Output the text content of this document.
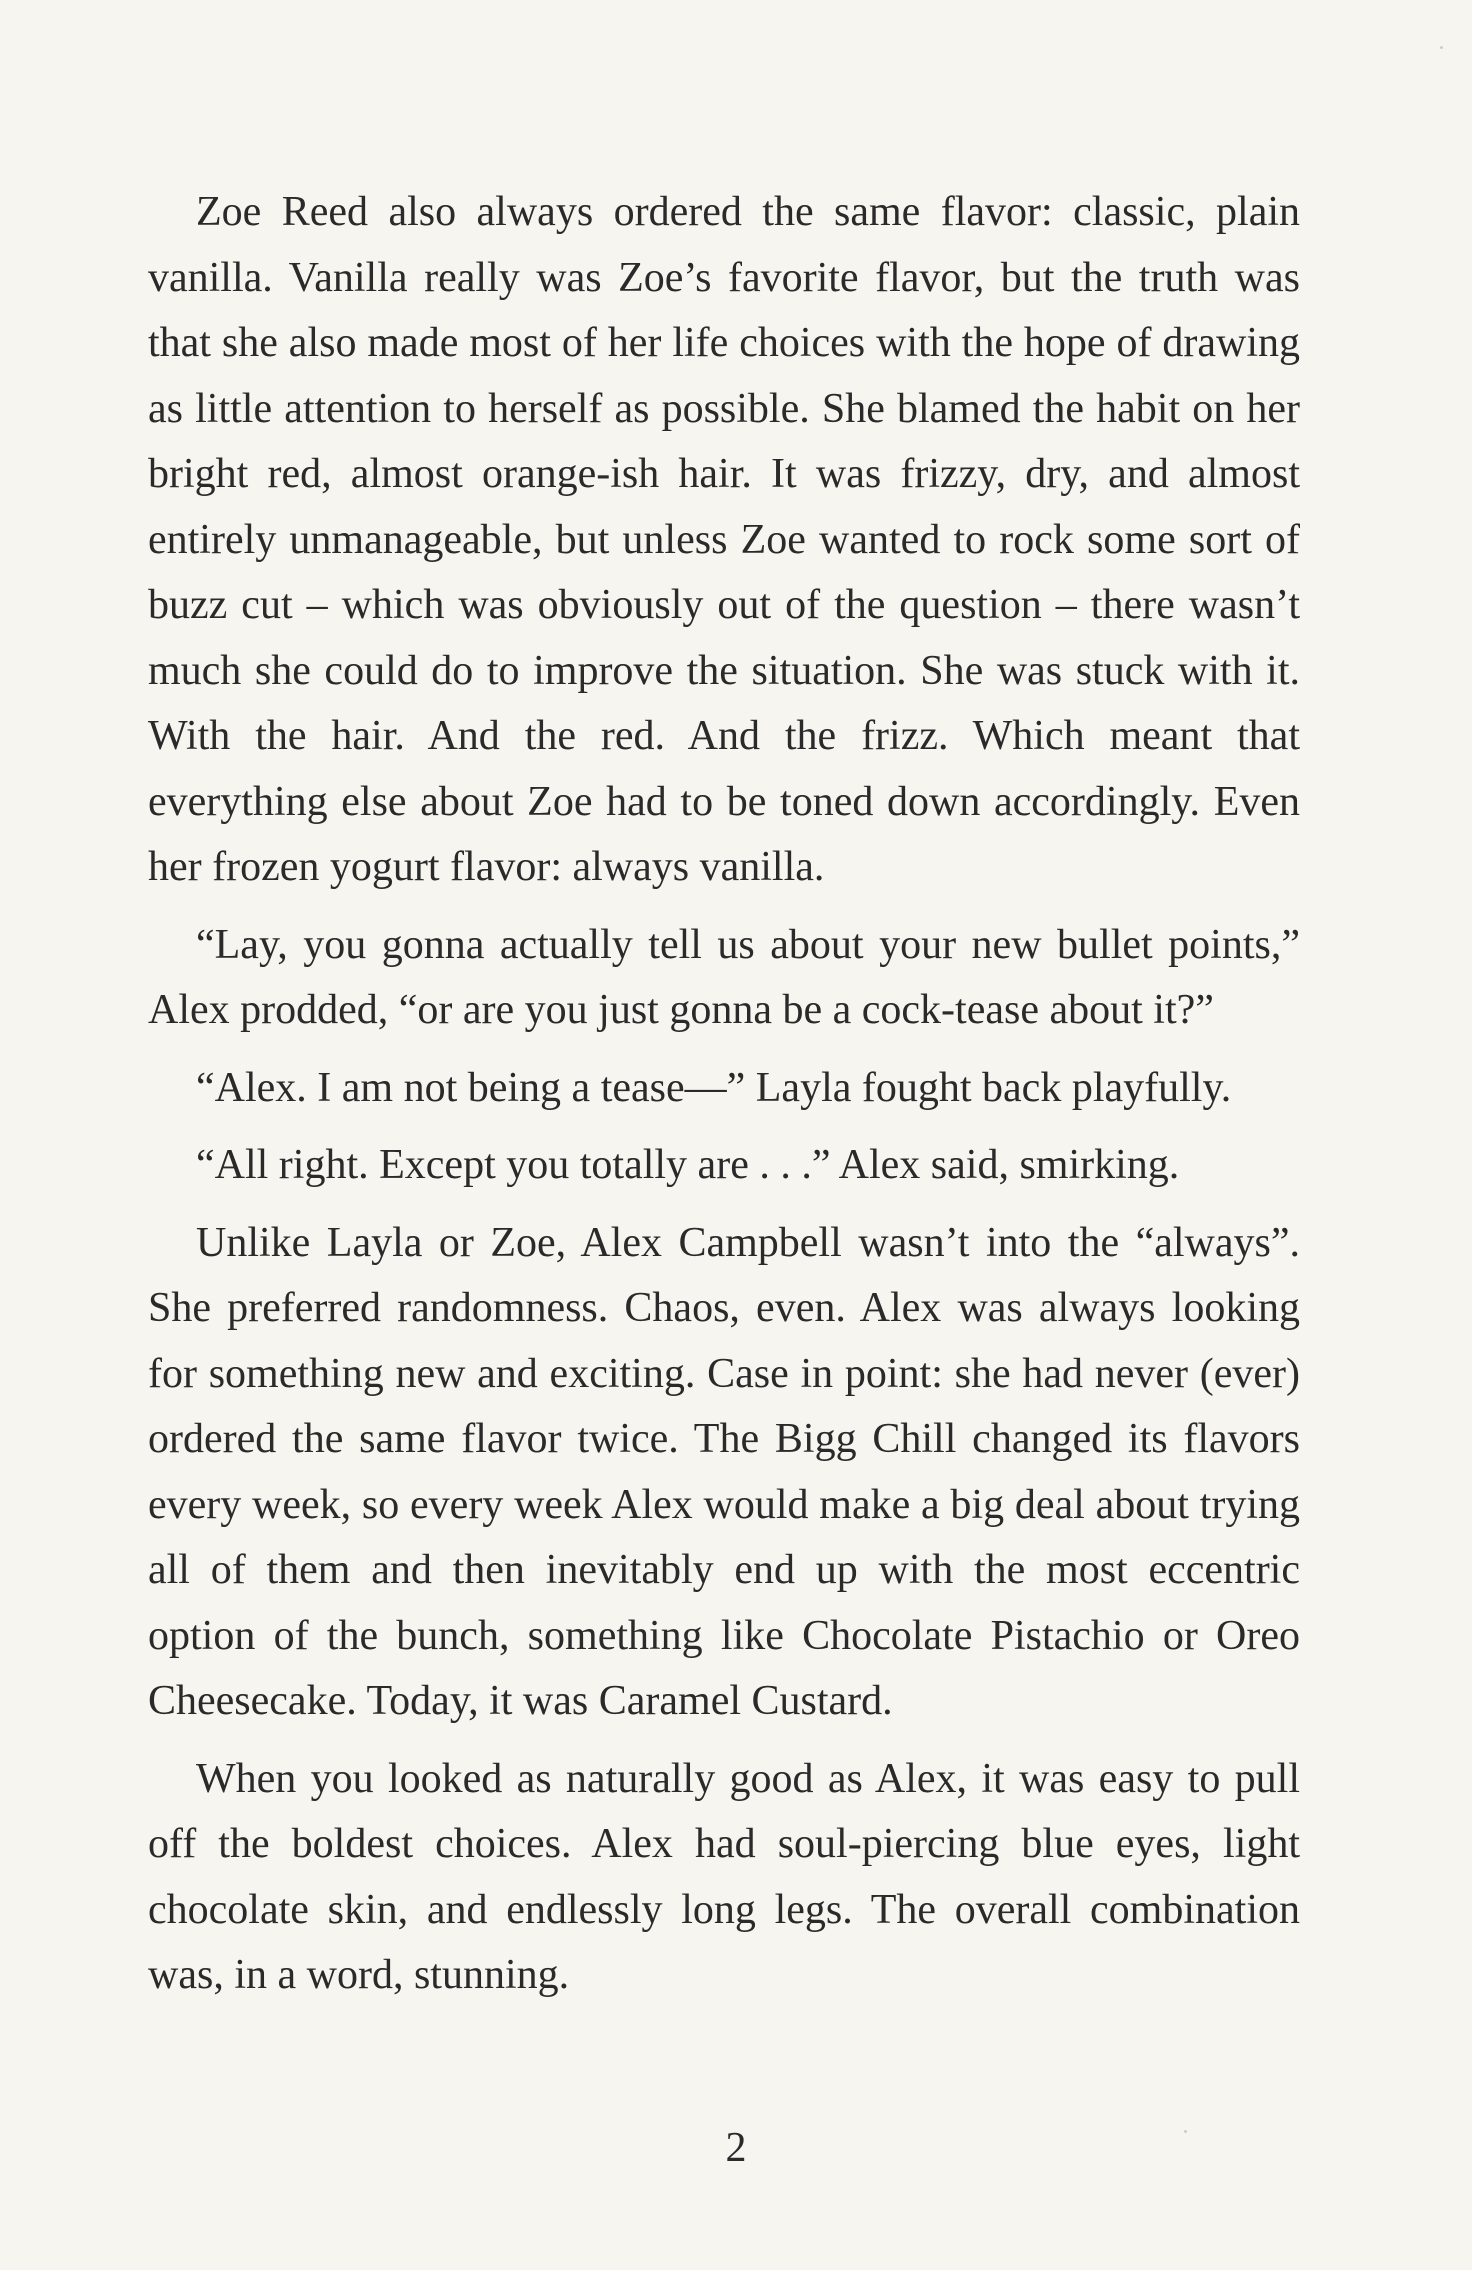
Zoe Reed also always ordered the same flavor: classic, plain vanilla. Vanilla really was Zoe’s favorite flavor, but the truth was that she also made most of her life choices with the hope of drawing as little attention to herself as possible. She blamed the habit on her bright red, almost orange-ish hair. It was frizzy, dry, and almost entirely unmanageable, but unless Zoe wanted to rock some sort of buzz cut – which was obviously out of the question – there wasn’t much she could do to improve the situation. She was stuck with it. With the hair. And the red. And the frizz. Which meant that everything else about Zoe had to be toned down accordingly. Even her frozen yogurt flavor: always vanilla.

“Lay, you gonna actually tell us about your new bullet points,” Alex prodded, “or are you just gonna be a cock-tease about it?”

“Alex. I am not being a tease—” Layla fought back playfully.

“All right. Except you totally are . . .” Alex said, smirking.

Unlike Layla or Zoe, Alex Campbell wasn’t into the “always”. She preferred randomness. Chaos, even. Alex was always looking for something new and exciting. Case in point: she had never (ever) ordered the same flavor twice. The Bigg Chill changed its flavors every week, so every week Alex would make a big deal about trying all of them and then inevitably end up with the most eccentric option of the bunch, something like Chocolate Pistachio or Oreo Cheesecake. Today, it was Caramel Custard.

When you looked as naturally good as Alex, it was easy to pull off the boldest choices. Alex had soul-piercing blue eyes, light chocolate skin, and endlessly long legs. The overall combination was, in a word, stunning.

2
